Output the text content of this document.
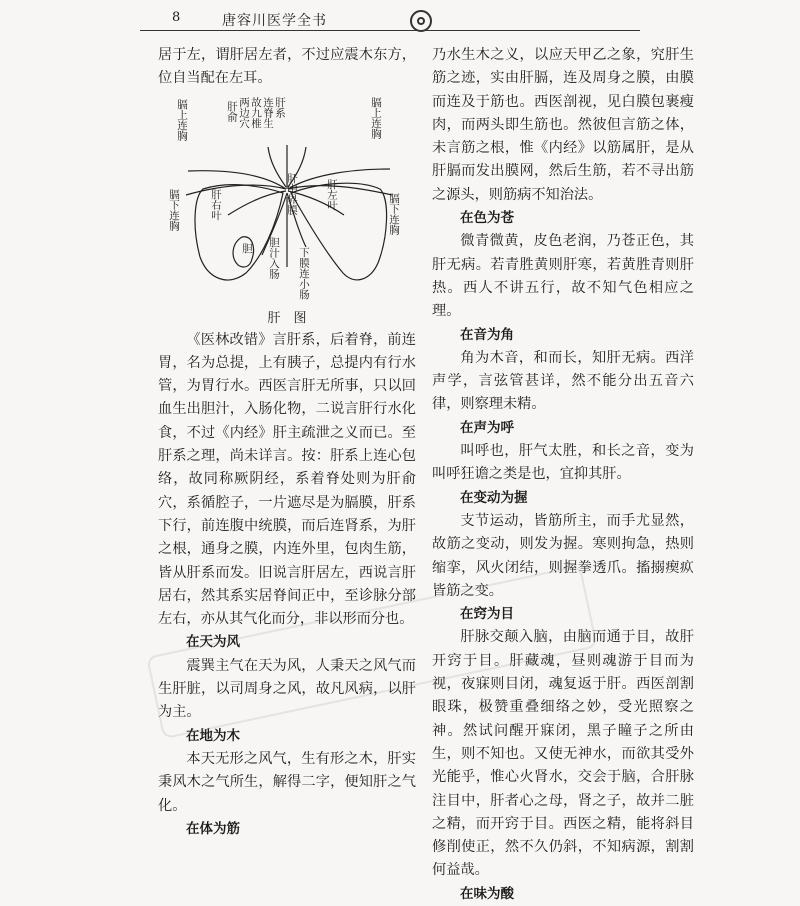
8	唐容川医学全书

居于左，谓肝居左者，不过应震木东方，位自当配在左耳。

膈上连胸
膈下连胸	肝右叶
胆
肝俞 两边穴 故九椎 连脊生 肝系
肝中界膜
胆汁入肠 下膜连小肠
肝左叶
膈上连胸
膈下连胸
肝　图

《医林改错》言肝系，后着脊，前连胃，名为总提，上有胰子，总提内有行水管，为胃行水。西医言肝无所事，只以回血生出胆汁，入肠化物，二说言肝行水化食，不过《内经》肝主疏泄之义而已。至肝系之理，尚未详言。按：肝系上连心包络，故同称厥阴经，系着脊处则为肝俞穴，系循腔子，一片遮尽是为膈膜，肝系下行，前连腹中统膜，而后连肾系，为肝之根，通身之膜，内连外里，包肉生筋，皆从肝系而发。旧说言肝居左，西说言肝居右，然其系实居脊间正中，至诊脉分部左右，亦从其气化而分，非以形而分也。

在天为风

震巽主气在天为风，人秉天之风气而生肝脏，以司周身之风，故凡风病，以肝为主。

在地为木

本天无形之风气，生有形之木，肝实秉风木之气所生，解得二字，便知肝之气化。

在体为筋

乃水生木之义，以应天甲乙之象，究肝生筋之迹，实由肝膈，连及周身之膜，由膜而连及于筋也。西医剖视，见白膜包裹瘦肉，而两头即生筋也。然彼但言筋之体，未言筋之根，惟《内经》以筋属肝，是从肝膈而发出膜网，然后生筋，若不寻出筋之源头，则筋病不知治法。

在色为苍

微青微黄，皮色老润，乃苍正色，其肝无病。若青胜黄则肝寒，若黄胜青则肝热。西人不讲五行，故不知气色相应之理。

在音为角

角为木音，和而长，知肝无病。西洋声学，言弦管甚详，然不能分出五音六律，则察理未精。

在声为呼

叫呼也，肝气太胜，和长之音，变为叫呼狂谵之类是也，宜抑其肝。

在变动为握

支节运动，皆筋所主，而手尤显然，故筋之变动，则发为握。寒则拘急，热则缩挛，风火闭结，则握拳透爪。搐搦瘈疭皆筋之变。

在窍为目

肝脉交颠入脑，由脑而通于目，故肝开窍于目。肝藏魂，昼则魂游于目而为视，夜寐则目闭，魂复返于肝。西医剖割眼珠，极赞重叠细络之妙，受光照察之神。然试问醒开寐闭，黑子瞳子之所由生，则不知也。又使无神水，而欲其受外光能乎，惟心火肾水，交会于脑，合肝脉注目中，肝者心之母，肾之子，故并二脏之精，而开窍于目。西医之精，能将斜目修削使正，然不久仍斜，不知病源，割割何益哉。

在味为酸
